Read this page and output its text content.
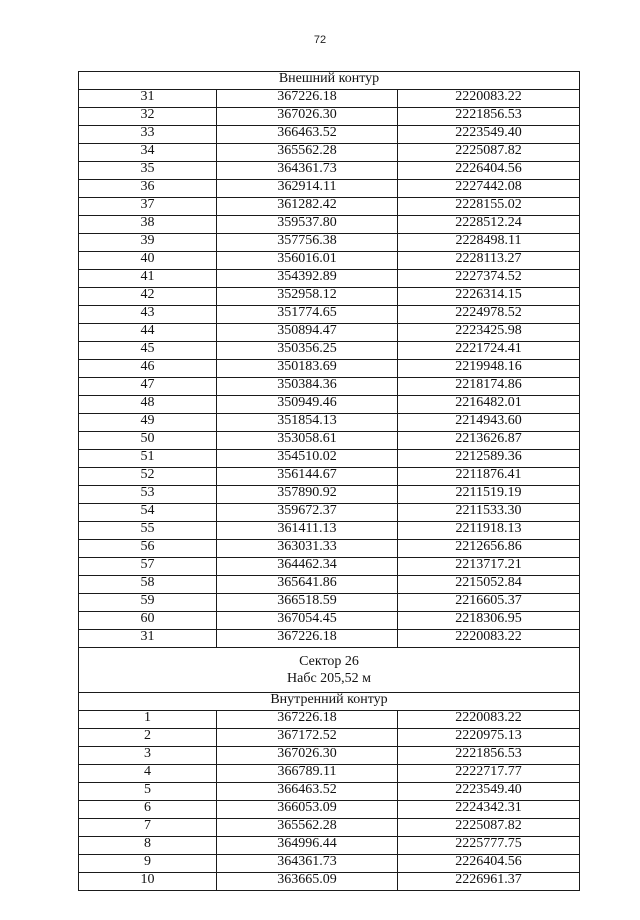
72
Внешний контур		
31	367226.18	2220083.22
32	367026.30	2221856.53
33	366463.52	2223549.40
34	365562.28	2225087.82
35	364361.73	2226404.56
36	362914.11	2227442.08
37	361282.42	2228155.02
38	359537.80	2228512.24
39	357756.38	2228498.11
40	356016.01	2228113.27
41	354392.89	2227374.52
42	352958.12	2226314.15
43	351774.65	2224978.52
44	350894.47	2223425.98
45	350356.25	2221724.41
46	350183.69	2219948.16
47	350384.36	2218174.86
48	350949.46	2216482.01
49	351854.13	2214943.60
50	353058.61	2213626.87
51	354510.02	2212589.36
52	356144.67	2211876.41
53	357890.92	2211519.19
54	359672.37	2211533.30
55	361411.13	2211918.13
56	363031.33	2212656.86
57	364462.34	2213717.21
58	365641.86	2215052.84
59	366518.59	2216605.37
60	367054.45	2218306.95
31	367226.18	2220083.22

Сектор 26
Набс 205,52 м		

Внутренний контур		
1	367226.18	2220083.22
2	367172.52	2220975.13
3	367026.30	2221856.53
4	366789.11	2222717.77
5	366463.52	2223549.40
6	366053.09	2224342.31
7	365562.28	2225087.82
8	364996.44	2225777.75
9	364361.73	2226404.56
10	363665.09	2226961.37
